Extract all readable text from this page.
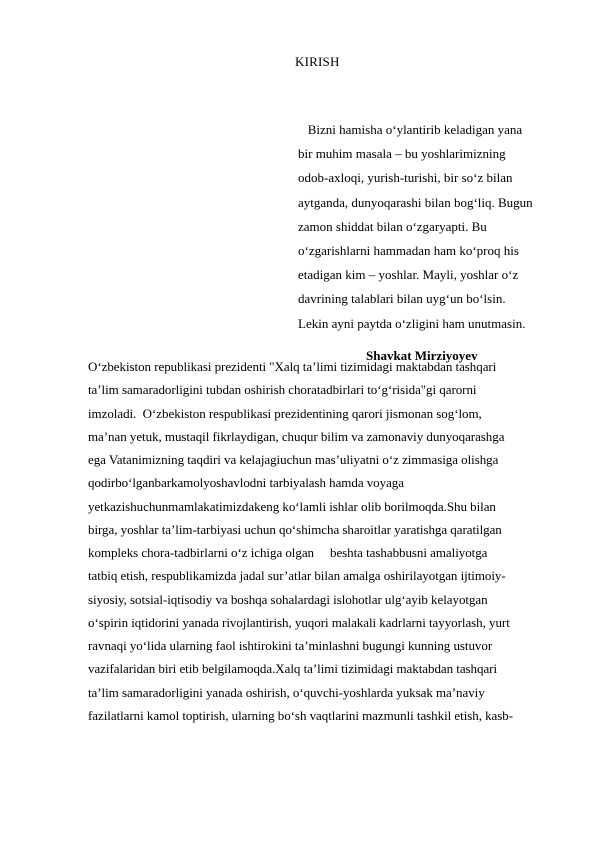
KIRISH
Bizni hamisha o‘ylantirib keladigan yana
bir muhim masala – bu yoshlarimizning
odob-axloqi, yurish-turishi, bir so‘z bilan
aytganda, dunyoqarashi bilan bog‘liq. Bugun
zamon shiddat bilan o‘zgaryapti. Bu
o‘zgarishlarni hammadan ham ko‘proq his
etadigan kim – yoshlar. Mayli, yoshlar o‘z
davrining talablari bilan uyg‘un bo‘lsin.
Lekin ayni paytda o‘zligini ham unutmasin.
Shavkat Mirziyoyev
O‘zbekiston republikasi prezidenti "Xalq ta’limi tizimidagi maktabdan tashqari
ta’lim samaradorligini tubdan oshirish choratadbirlari to‘g‘risida"gi qarorni
imzoladi.  O‘zbekiston respublikasi prezidentining qarori jismonan sog‘lom,
ma’nan yetuk, mustaqil fikrlaydigan, chuqur bilim va zamonaviy dunyoqarashga
ega Vatanimizning taqdiri va kelajagiuchun mas’uliyatni o‘z zimmasiga olishga
qodirbo‘lganbarkamolyoshavlodni tarbiyalash hamda voyaga
yetkazishuchunmamlakatimizdakeng ko‘lamli ishlar olib borilmoqda.Shu bilan
birga, yoshlar ta’lim-tarbiyasi uchun qo‘shimcha sharoitlar yaratishga qaratilgan
kompleks chora-tadbirlarni o‘z ichiga olgan     beshta tashabbusni amaliyotga
tatbiq etish, respublikamizda jadal sur’atlar bilan amalga oshirilayotgan ijtimoiy-
siyosiy, sotsial-iqtisodiy va boshqa sohalardagi islohotlar ulg‘ayib kelayotgan
o‘spirin iqtidorini yanada rivojlantirish, yuqori malakali kadrlarni tayyorlash, yurt
ravnaqi yo‘lida ularning faol ishtirokini ta’minlashni bugungi kunning ustuvor
vazifalaridan biri etib belgilamoqda.Xalq ta’limi tizimidagi maktabdan tashqari
ta’lim samaradorligini yanada oshirish, o‘quvchi-yoshlarda yuksak ma’naviy
fazilatlarni kamol toptirish, ularning bo‘sh vaqtlarini mazmunli tashkil etish, kasb-
